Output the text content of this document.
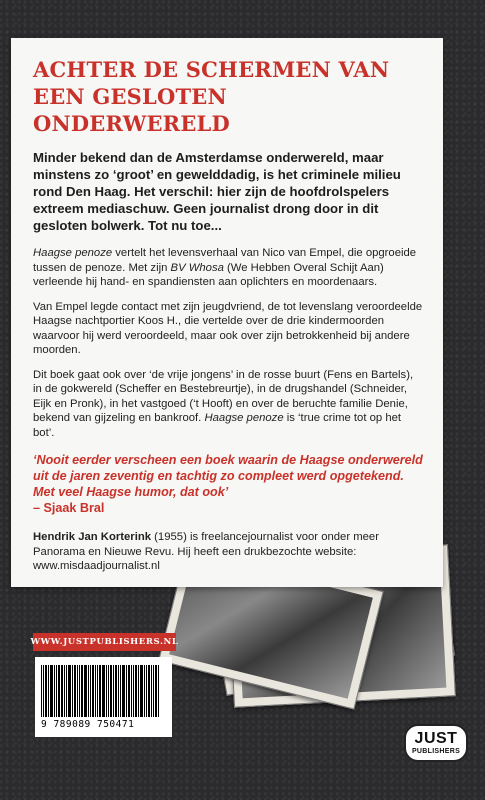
ACHTER DE SCHERMEN VAN
EEN GESLOTEN ONDERWERELD

Minder bekend dan de Amsterdamse onderwereld, maar minstens zo ‘groot’ en gewelddadig, is het criminele milieu rond Den Haag. Het verschil: hier zijn de hoofdrolspelers extreem mediaschuw. Geen journalist drong door in dit gesloten bolwerk. Tot nu toe...

Haagse penoze vertelt het levensverhaal van Nico van Empel, die opgroeide tussen de penoze. Met zijn BV Whosa (We Hebben Overal Schijt Aan) verleende hij hand- en spandiensten aan oplichters en moordenaars.

Van Empel legde contact met zijn jeugdvriend, de tot levenslang veroordeelde Haagse nachtportier Koos H., die vertelde over de drie kindermoorden waarvoor hij werd veroordeeld, maar ook over zijn betrokkenheid bij andere moorden.

Dit boek gaat ook over ‘de vrije jongens’ in de rosse buurt (Fens en Bartels), in de gokwereld (Scheffer en Bestebreurtje), in de drugshandel (Schneider, Eijk en Pronk), in het vastgoed (‘t Hooft) en over de beruchte familie Denie, bekend van gijzeling en bankroof. Haagse penoze is ‘true crime tot op het bot’.

‘Nooit eerder verscheen een boek waarin de Haagse onderwereld uit de jaren zeventig en tachtig zo compleet werd opgetekend. Met veel Haagse humor, dat ook’

– Sjaak Bral

Hendrik Jan Korterink (1955) is freelancejournalist voor onder meer Panorama en Nieuwe Revu. Hij heeft een drukbezochte website: www.misdaadjournalist.nl

WWW.JUSTPUBLISHERS.NL
9 789089 750471
JUST
PUBLISHERS
